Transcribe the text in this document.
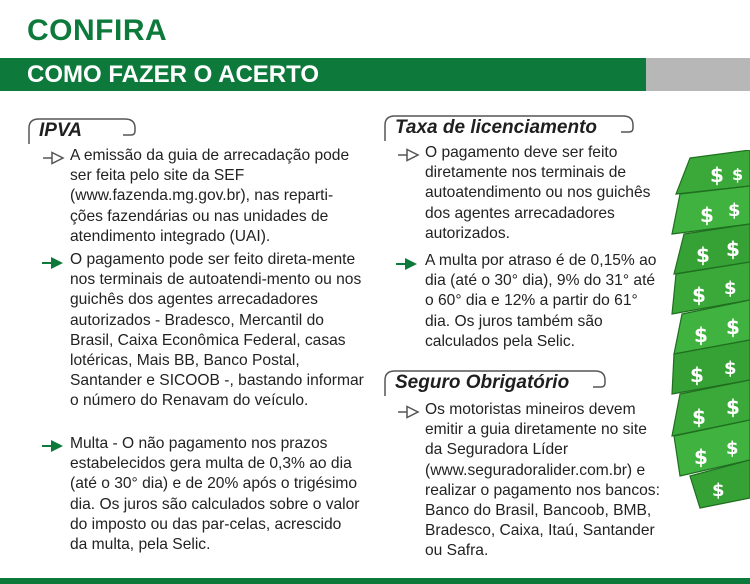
CONFIRA
COMO FAZER O ACERTO
IPVA

A emissão da guia de arrecadação pode ser feita pelo site da SEF (www.fazenda.mg.gov.br), nas reparti-ções fazendárias ou nas unidades de atendimento integrado (UAI).

O pagamento pode ser feito direta-mente nos terminais de autoatendi-mento ou nos guichês dos agentes arrecadadores autorizados - Bradesco, Mercantil do Brasil, Caixa Econômica Federal, casas lotéricas, Mais BB, Banco Postal, Santander e SICOOB -, bastando informar o número do Renavam do veículo.

Multa - O não pagamento nos prazos estabelecidos gera multa de 0,3% ao dia (até o 30° dia) e de 20% após o trigésimo dia. Os juros são calculados sobre o valor do imposto ou das par-celas, acrescido da multa, pela Selic.

Taxa de licenciamento

O pagamento deve ser feito diretamente nos terminais de autoatendimento ou nos guichês dos agentes arrecadadores autorizados.

A multa por atraso é de 0,15% ao dia (até o 30° dia), 9% do 31° até o 60° dia e 12% a partir do 61° dia. Os juros também são calculados pela Selic.

Seguro Obrigatório

Os motoristas mineiros devem emitir a guia diretamente no site da Seguradora Líder (www.seguradoralider.com.br) e realizar o pagamento nos bancos: Banco do Brasil, Bancoob, BMB, Bradesco, Caixa, Itaú, Santander ou Safra.

$ $
$ $
$ $
$ $
$ $
$ $
$ $
$ $
$
